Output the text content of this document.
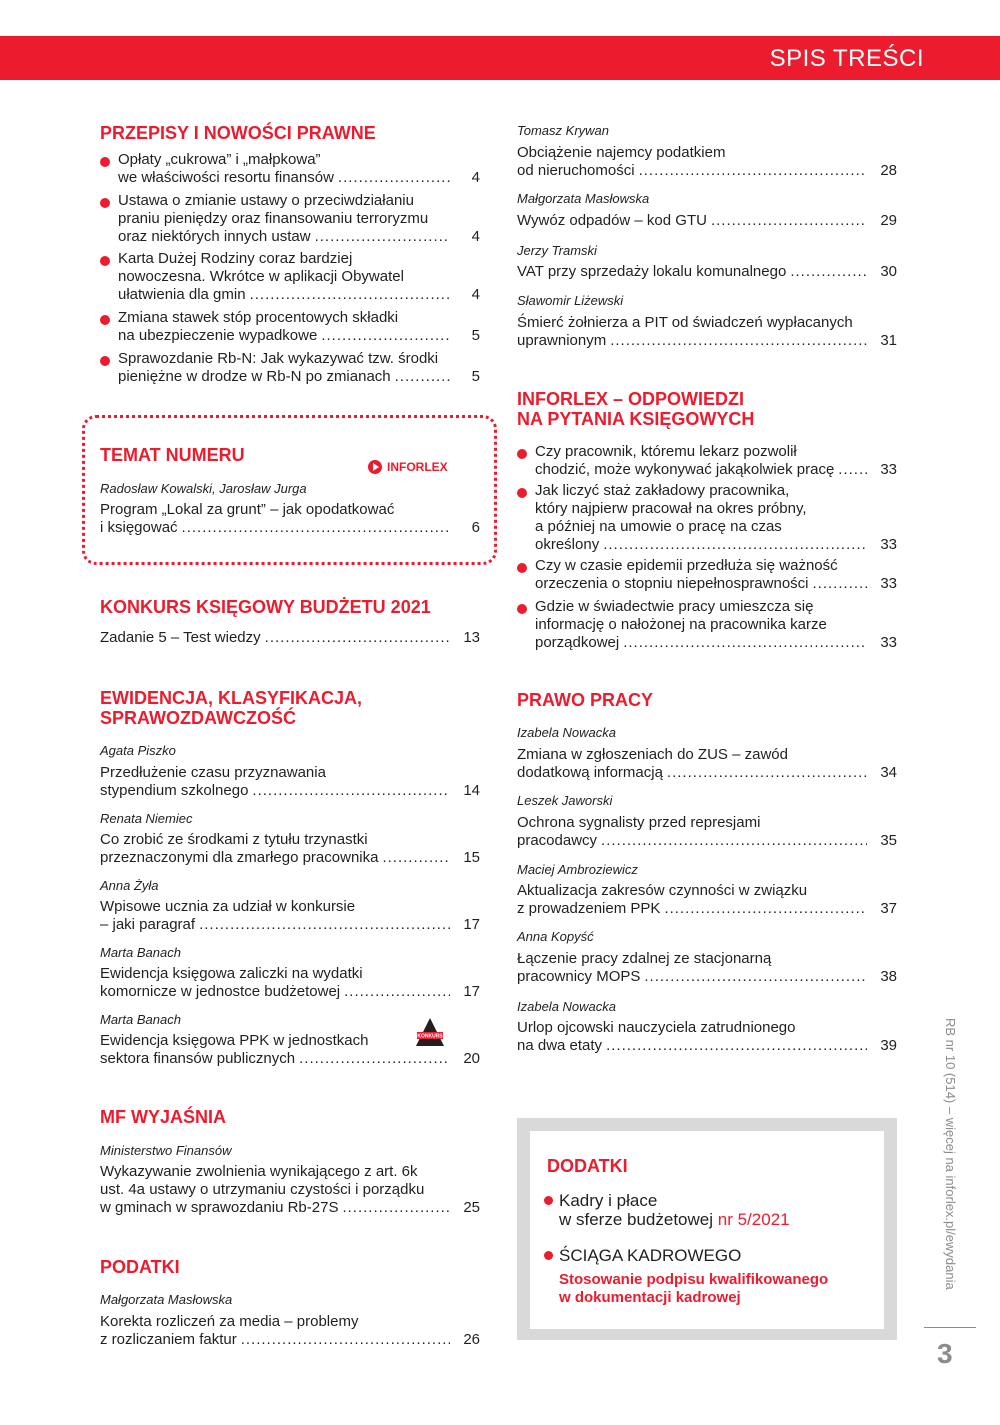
SPIS TREŚCI
PRZEPISY I NOWOŚCI PRAWNE
Opłaty „cukrowa” i „małpkowa”
we właściwości resortu finansów .....	4
Ustawa o zmianie ustawy o przeciwdziałaniu
praniu pieniędzy oraz finansowaniu terroryzmu
oraz niektórych innych ustaw .....	4
Karta Dużej Rodziny coraz bardziej
nowoczesna. Wkrótce w aplikacji Obywatel
ułatwienia dla gmin .....	4
Zmiana stawek stóp procentowych składki
na ubezpieczenie wypadkowe .....	5
Sprawozdanie Rb-N: Jak wykazywać tzw. środki
pieniężne w drodze w Rb-N po zmianach .....	5
TEMAT NUMERU
Radosław Kowalski, Jarosław Jurga
Program „Lokal za grunt” – jak opodatkować
i księgować .....	6
INFORLEX
KONKURS KSIĘGOWY BUDŻETU 2021
Zadanie 5 – Test wiedzy .....	13
EWIDENCJA, KLASYFIKACJA,
SPRAWOZDAWCZOŚĆ
Agata Piszko
Przedłużenie czasu przyznawania
stypendium szkolnego .....	14
Renata Niemiec
Co zrobić ze środkami z tytułu trzynastki
przeznaczonymi dla zmarłego pracownika .....	15
Anna Żyła
Wpisowe ucznia za udział w konkursie
– jaki paragraf .....	17
Marta Banach
Ewidencja księgowa zaliczki na wydatki
komornicze w jednostce budżetowej .....	17
Marta Banach
Ewidencja księgowa PPK w jednostkach
sektora finansów publicznych .....	20
KONKURS
MF WYJAŚNIA
Ministerstwo Finansów
Wykazywanie zwolnienia wynikającego z art. 6k
ust. 4a ustawy o utrzymaniu czystości i porządku
w gminach w sprawozdaniu Rb-27S .....	25
PODATKI
Małgorzata Masłowska
Korekta rozliczeń za media – problemy
z rozliczaniem faktur .....	26
Tomasz Krywan
Obciążenie najemcy podatkiem
od nieruchomości .....	28
Małgorzata Masłowska
Wywóz odpadów – kod GTU .....	29
Jerzy Tramski
VAT przy sprzedaży lokalu komunalnego .....	30
Sławomir Liżewski
Śmierć żołnierza a PIT od świadczeń wypłacanych
uprawnionym .....	31
INFORLEX – ODPOWIEDZI
NA PYTANIA KSIĘGOWYCH
Czy pracownik, któremu lekarz pozwolił
chodzić, może wykonywać jakąkolwiek pracę .....	33
Jak liczyć staż zakładowy pracownika,
który najpierw pracował na okres próbny,
a później na umowie o pracę na czas
określony .....	33
Czy w czasie epidemii przedłuża się ważność
orzeczenia o stopniu niepełnosprawności .....	33
Gdzie w świadectwie pracy umieszcza się
informację o nałożonej na pracownika karze
porządkowej .....	33
PRAWO PRACY
Izabela Nowacka
Zmiana w zgłoszeniach do ZUS – zawód
dodatkową informacją .....	34
Leszek Jaworski
Ochrona sygnalisty przed represjami
pracodawcy .....	35
Maciej Ambroziewicz
Aktualizacja zakresów czynności w związku
z prowadzeniem PPK .....	37
Anna Kopyść
Łączenie pracy zdalnej ze stacjonarną
pracownicy MOPS .....	38
Izabela Nowacka
Urlop ojcowski nauczyciela zatrudnionego
na dwa etaty .....	39
DODATKI
Kadry i płace
w sferze budżetowej nr 5/2021
ŚCIĄGA KADROWEGO
Stosowanie podpisu kwalifikowanego
w dokumentacji kadrowej
RB nr 10 (514) – więcej na inforlex.pl/ewydania
3
